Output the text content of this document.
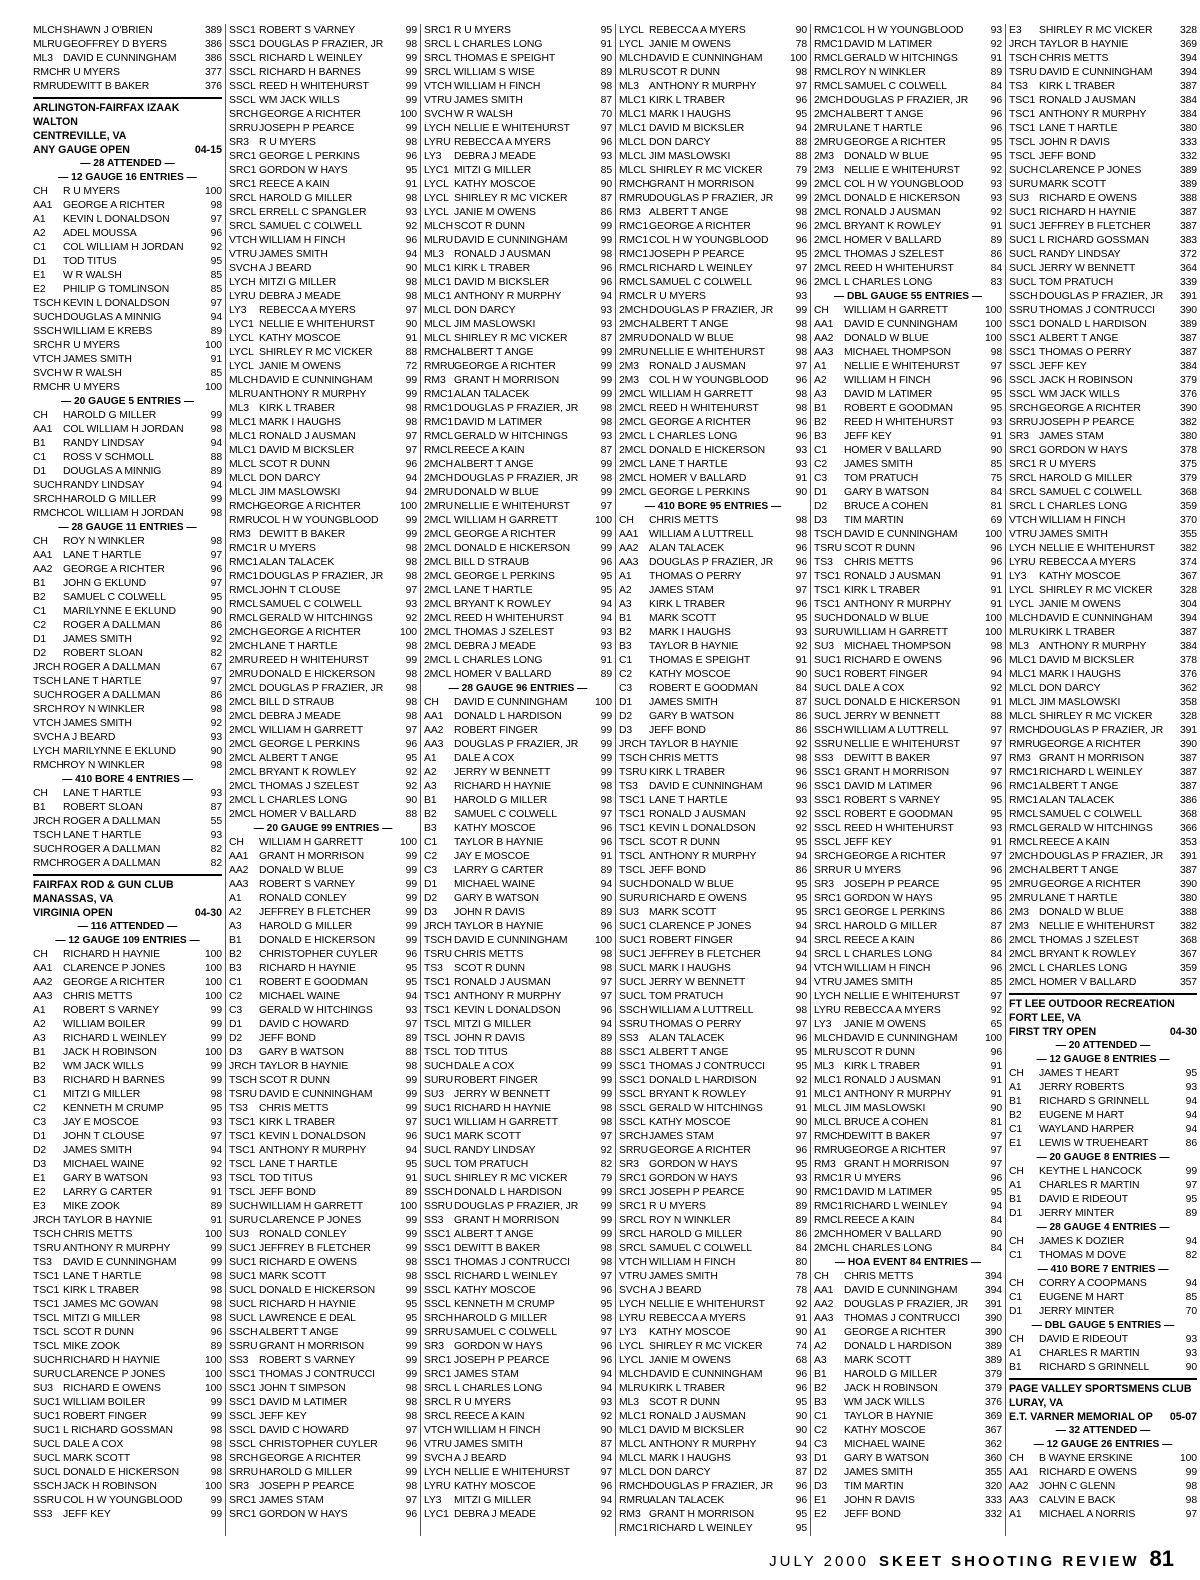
MLCH SHAWN J O'BRIEN	389
MLRU GEOFFREY D BYERS	386
ML3 DAVID E CUNNINGHAM	386
RMCH R U MYERS	377
RMRU DEWITT B BAKER	376
ARLINGTON-FAIRFAX IZAAK
WALTON
CENTREVILLE, VA
ANY GAUGE OPEN	04-15
— 28 ATTENDED —
— 12 GAUGE 16 ENTRIES —
CH	R U MYERS	100
AA1	GEORGE A RICHTER	98
A1	KEVIN L DONALDSON	97
A2	ADEL MOUSSA	96
C1	COL WILLIAM H JORDAN	92
D1	TOD TITUS	95
E1	W R WALSH	85
E2	PHILIP G TOMLINSON	85
TSCH KEVIN L DONALDSON	97
SUCH DOUGLAS A MINNIG	94
SSCH WILLIAM E KREBS	89
SRCH R U MYERS	100
VTCH JAMES SMITH	91
SVCH W R WALSH	85
RMCH R U MYERS	100
— 20 GAUGE 5 ENTRIES —
CH	HAROLD G MILLER	99
AA1	COL WILLIAM H JORDAN	98
B1	RANDY LINDSAY	94
C1	ROSS V SCHMOLL	88
D1	DOUGLAS A MINNIG	89
SUCH RANDY LINDSAY	94
SRCH HAROLD G MILLER	99
RMCH COL WILLIAM H JORDAN	98
— 28 GAUGE 11 ENTRIES —
CH	ROY N WINKLER	98
AA1	LANE T HARTLE	97
AA2	GEORGE A RICHTER	96
B1	JOHN G EKLUND	97
B2	SAMUEL C COLWELL	95
C1	MARILYNNE E EKLUND	90
C2	ROGER A DALLMAN	86
D1	JAMES SMITH	92
D2	ROBERT SLOAN	82
JRCH ROGER A DALLMAN	67
TSCH LANE T HARTLE	97
SUCH ROGER A DALLMAN	86
SRCH ROY N WINKLER	98
VTCH JAMES SMITH	92
SVCH A J BEARD	93
LYCH MARILYNNE E EKLUND	90
RMCH ROY N WINKLER	98
— 410 BORE 4 ENTRIES —
CH	LANE T HARTLE	93
B1	ROBERT SLOAN	87
JRCH ROGER A DALLMAN	55
TSCH LANE T HARTLE	93
SUCH ROGER A DALLMAN	82
RMCH ROGER A DALLMAN	82
FAIRFAX ROD & GUN CLUB
MANASSAS, VA
VIRGINIA OPEN	04-30
— 116 ATTENDED —
— 12 GAUGE 109 ENTRIES —
CH	RICHARD H HAYNIE	100
AA1	CLARENCE P JONES	100
AA2	GEORGE A RICHTER	100
AA3	CHRIS METTS	100
A1	ROBERT S VARNEY	99
A2	WILLIAM BOILER	99
A3	RICHARD L WEINLEY	99
B1	JACK H ROBINSON	100
B2	WM JACK WILLS	99
B3	RICHARD H BARNES	99
C1	MITZI G MILLER	98
C2	KENNETH M CRUMP	95
C3	JAY E MOSCOE	93
D1	JOHN T CLOUSE	97
D2	JAMES SMITH	94
D3	MICHAEL WAINE	92
E1	GARY B WATSON	93
E2	LARRY G CARTER	91
E3	MIKE ZOOK	89
JRCH TAYLOR B HAYNIE	91
TSCH CHRIS METTS	100
TSRU ANTHONY R MURPHY	99
TS3	DAVID E CUNNINGHAM	99
TSC1 LANE T HARTLE	98
TSC1 KIRK L TRABER	98
TSC1 JAMES MC GOWAN	98
TSCL MITZI G MILLER	98
TSCL SCOT R DUNN	96
TSCL MIKE ZOOK	89
SUCH RICHARD H HAYNIE	100
SURU CLARENCE P JONES	100
SU3 RICHARD E OWENS	100
SUC1 WILLIAM BOILER	99
SUC1 ROBERT FINGER	99
SUC1 L RICHARD GOSSMAN	98
SUCL DALE A COX	98
SUCL MARK SCOTT	98
SUCL DONALD E HICKERSON	98
SSCH JACK H ROBINSON	100
SSRU COL H W YOUNGBLOOD	99
SS3	JEFF KEY	99
SSC1 ROBERT S VARNEY	99
SSC1 DOUGLAS P FRAZIER, JR	98
SSCL RICHARD L WEINLEY	99
SSCL RICHARD H BARNES	99
SSCL REED H WHITEHURST	99
SSCL WM JACK WILLS	99
SRCH GEORGE A RICHTER	100
SRRU JOSEPH P PEARCE	99
SR3 R U MYERS	98
SRC1 GEORGE L PERKINS	96
SRC1 GORDON W HAYS	95
SRC1 REECE A KAIN	91
SRCL HAROLD G MILLER	98
SRCL ERRELL C SPANGLER	93
SRCL SAMUEL C COLWELL	92
VTCH WILLIAM H FINCH	96
VTRU JAMES SMITH	94
SVCH A J BEARD	90
LYCH MITZI G MILLER	98
LYRU DEBRA J MEADE	98
LY3	REBECCA A MYERS	97
LYC1 NELLIE E WHITEHURST	90
LYCL KATHY MOSCOE	91
LYCL SHIRLEY R MC VICKER	88
LYCL JANIE M OWENS	72
MLCH DAVID E CUNNINGHAM	99
MLRU ANTHONY R MURPHY	99
ML3 KIRK L TRABER	98
MLC1 MARK I HAUGHS	98
MLC1 RONALD J AUSMAN	97
MLC1 DAVID M BICKSLER	97
MLCL SCOT R DUNN	96
MLCL DON DARCY	94
MLCL JIM MASLOWSKI	94
RMCH GEORGE A RICHTER	100
RMRU COL H W YOUNGBLOOD	99
RM3 DEWITT B BAKER	99
RMC1 R U MYERS	98
RMC1 ALAN TALACEK	98
RMC1 DOUGLAS P FRAZIER, JR	98
RMCL JOHN T CLOUSE	97
RMCL SAMUEL C COLWELL	93
RMCL GERALD W HITCHINGS	92
2MCH GEORGE A RICHTER	100
2MCH LANE T HARTLE	98
2MRU REED H WHITEHURST	99
2MRU DONALD E HICKERSON	98
2MCL DOUGLAS P FRAZIER, JR	98
2MCL BILL D STRAUB	98
2MCL DEBRA J MEADE	98
2MCL WILLIAM H GARRETT	97
2MCL GEORGE L PERKINS	96
2MCL ALBERT T ANGE	95
2MCL BRYANT K ROWLEY	92
2MCL THOMAS J SZELEST	92
2MCL L CHARLES LONG	90
2MCL HOMER V BALLARD	88
— 20 GAUGE 99 ENTRIES —
CH	WILLIAM H GARRETT	100
AA1	GRANT H MORRISON	99
AA2	DONALD W BLUE	99
AA3	ROBERT S VARNEY	99
A1	RONALD CONLEY	99
A2	JEFFREY B FLETCHER	99
A3	HAROLD G MILLER	99
B1	DONALD E HICKERSON	99
B2	CHRISTOPHER CUYLER	96
B3	RICHARD H HAYNIE	95
C1	ROBERT E GOODMAN	95
C2	MICHAEL WAINE	94
C3	GERALD W HITCHINGS	93
D1	DAVID C HOWARD	97
D2	JEFF BOND	89
D3	GARY B WATSON	88
JRCH TAYLOR B HAYNIE	98
TSCH SCOT R DUNN	99
TSRU DAVID E CUNNINGHAM	99
TS3	CHRIS METTS	99
TSC1 KIRK L TRABER	97
TSC1 KEVIN L DONALDSON	96
TSC1 ANTHONY R MURPHY	94
TSCL LANE T HARTLE	95
TSCL TOD TITUS	91
TSCL JEFF BOND	89
SUCH WILLIAM H GARRETT	100
SURU CLARENCE P JONES	99
SU3 RONALD CONLEY	99
SUC1 JEFFREY B FLETCHER	99
SUC1 RICHARD E OWENS	98
SUC1 MARK SCOTT	98
SUCL DONALD E HICKERSON	99
SUCL RICHARD H HAYNIE	95
SUCL LAWRENCE E DEAL	95
SSCH ALBERT T ANGE	99
SSRU GRANT H MORRISON	99
SS3	ROBERT S VARNEY	99
SSC1 THOMAS J CONTRUCCI	99
SSC1 JOHN T SIMPSON	98
SSC1 DAVID M LATIMER	98
SSCL JEFF KEY	98
SSCL DAVID C HOWARD	97
SSCL CHRISTOPHER CUYLER	96
SRCH GEORGE A RICHTER	99
SRRU HAROLD G MILLER	99
SR3 JOSEPH P PEARCE	98
SRC1 JAMES STAM	97
SRC1 GORDON W HAYS	96
SRC1 R U MYERS	95
SRCL L CHARLES LONG	91
SRCL THOMAS E SPEIGHT	90
SRCL WILLIAM S WISE	89
VTCH WILLIAM H FINCH	98
VTRU JAMES SMITH	87
SVCH W R WALSH	70
LYCH NELLIE E WHITEHURST	97
LYRU REBECCA A MYERS	96
LY3	DEBRA J MEADE	93
LYC1 MITZI G MILLER	85
LYCL KATHY MOSCOE	90
LYCL SHIRLEY R MC VICKER	87
LYCL JANIE M OWENS	86
MLCH SCOT R DUNN	99
MLRU DAVID E CUNNINGHAM	99
ML3 RONALD J AUSMAN	98
MLC1 KIRK L TRABER	96
MLC1 DAVID M BICKSLER	96
MLC1 ANTHONY R MURPHY	94
MLCL DON DARCY	93
MLCL JIM MASLOWSKI	93
MLCL SHIRLEY R MC VICKER	87
RMCH ALBERT T ANGE	99
RMRU GEORGE A RICHTER	99
RM3 GRANT H MORRISON	99
RMC1 ALAN TALACEK	99
RMC1 DOUGLAS P FRAZIER, JR	98
RMC1 DAVID M LATIMER	98
RMCL GERALD W HITCHINGS	93
RMCL REECE A KAIN	87
2MCH ALBERT T ANGE	99
2MCH DOUGLAS P FRAZIER, JR	98
2MRU DONALD W BLUE	99
2MRU NELLIE E WHITEHURST	97
2MCL WILLIAM H GARRETT	100
2MCL GEORGE A RICHTER	99
2MCL DONALD E HICKERSON	99
2MCL BILL D STRAUB	96
2MCL GEORGE L PERKINS	95
2MCL LANE T HARTLE	95
2MCL BRYANT K ROWLEY	94
2MCL REED H WHITEHURST	94
2MCL THOMAS J SZELEST	93
2MCL DEBRA J MEADE	93
2MCL L CHARLES LONG	91
2MCL HOMER V BALLARD	89
— 28 GAUGE 96 ENTRIES —
CH	DAVID E CUNNINGHAM	100
AA1	DONALD L HARDISON	99
AA2	ROBERT FINGER	99
AA3	DOUGLAS P FRAZIER, JR	99
A1	DALE A COX	99
A2	JERRY W BENNETT	99
A3	RICHARD H HAYNIE	98
B1	HAROLD G MILLER	98
B2	SAMUEL C COLWELL	97
B3	KATHY MOSCOE	96
C1	TAYLOR B HAYNIE	96
C2	JAY E MOSCOE	91
C3	LARRY G CARTER	89
D1	MICHAEL WAINE	94
D2	GARY B WATSON	90
D3	JOHN R DAVIS	89
JRCH TAYLOR B HAYNIE	96
TSCH DAVID E CUNNINGHAM	100
TSRU CHRIS METTS	98
TS3	SCOT R DUNN	98
TSC1 RONALD J AUSMAN	97
TSC1 ANTHONY R MURPHY	97
TSC1 KEVIN L DONALDSON	96
TSCL MITZI G MILLER	94
TSCL JOHN R DAVIS	89
TSCL TOD TITUS	88
SUCH DALE A COX	99
SURU ROBERT FINGER	99
SU3 JERRY W BENNETT	99
SUC1 RICHARD H HAYNIE	98
SUC1 WILLIAM H GARRETT	98
SUC1 MARK SCOTT	97
SUCL RANDY LINDSAY	92
SUCL TOM PRATUCH	82
SUCL SHIRLEY R MC VICKER	79
SSCH DONALD L HARDISON	99
SSRU DOUGLAS P FRAZIER, JR	99
SS3	GRANT H MORRISON	99
SSC1 ALBERT T ANGE	99
SSC1 DEWITT B BAKER	98
SSC1 THOMAS J CONTRUCCI	98
SSCL RICHARD L WEINLEY	97
SSCL KATHY MOSCOE	96
SSCL KENNETH M CRUMP	95
SRCH HAROLD G MILLER	98
SRRU SAMUEL C COLWELL	97
SR3 GORDON W HAYS	96
SRC1 JOSEPH P PEARCE	96
SRC1 JAMES STAM	94
SRCL L CHARLES LONG	94
SRCL R U MYERS	93
SRCL REECE A KAIN	92
VTCH WILLIAM H FINCH	90
VTRU JAMES SMITH	87
SVCH A J BEARD	94
LYCH NELLIE E WHITEHURST	97
LYRU KATHY MOSCOE	96
LY3	MITZI G MILLER	94
LYC1 DEBRA J MEADE	92
LYCL REBECCA A MYERS	90
LYCL JANIE M OWENS	78
MLCH DAVID E CUNNINGHAM	100
MLRU SCOT R DUNN	98
ML3 ANTHONY R MURPHY	97
MLC1 KIRK L TRABER	96
MLC1 MARK I HAUGHS	95
MLC1 DAVID M BICKSLER	94
MLCL DON DARCY	88
MLCL JIM MASLOWSKI	88
MLCL SHIRLEY R MC VICKER	79
RMCH GRANT H MORRISON	99
RMRU DOUGLAS P FRAZIER, JR	99
RM3 ALBERT T ANGE	98
RMC1 GEORGE A RICHTER	96
RMC1 COL H W YOUNGBLOOD	96
RMC1 JOSEPH P PEARCE	95
RMCL RICHARD L WEINLEY	97
RMCL SAMUEL C COLWELL	96
RMCL R U MYERS	93
2MCH DOUGLAS P FRAZIER, JR	99
2MCH ALBERT T ANGE	98
2MRU DONALD W BLUE	98
2MRU NELLIE E WHITEHURST	98
2M3 RONALD J AUSMAN	97
2M3 COL H W YOUNGBLOOD	96
2MCL WILLIAM H GARRETT	98
2MCL REED H WHITEHURST	98
2MCL GEORGE A RICHTER	96
2MCL L CHARLES LONG	96
2MCL DONALD E HICKERSON	93
2MCL LANE T HARTLE	93
2MCL HOMER V BALLARD	91
2MCL GEORGE L PERKINS	90
— 410 BORE 95 ENTRIES —
CH	CHRIS METTS	98
AA1	WILLIAM A LUTTRELL	98
AA2	ALAN TALACEK	96
AA3	DOUGLAS P FRAZIER, JR	96
A1	THOMAS O PERRY	97
A2	JAMES STAM	97
A3	KIRK L TRABER	96
B1	MARK SCOTT	95
B2	MARK I HAUGHS	93
B3	TAYLOR B HAYNIE	92
C1	THOMAS E SPEIGHT	91
C2	KATHY MOSCOE	90
C3	ROBERT E GOODMAN	84
D1	JAMES SMITH	87
D2	GARY B WATSON	86
D3	JEFF BOND	86
JRCH TAYLOR B HAYNIE	92
TSCH CHRIS METTS	98
TSRU KIRK L TRABER	96
TS3	DAVID E CUNNINGHAM	96
TSC1 LANE T HARTLE	93
TSC1 RONALD J AUSMAN	92
TSC1 KEVIN L DONALDSON	92
TSCL SCOT R DUNN	95
TSCL ANTHONY R MURPHY	94
TSCL JEFF BOND	86
SUCH DONALD W BLUE	95
SURU RICHARD E OWENS	95
SU3 MARK SCOTT	95
SUC1 CLARENCE P JONES	94
SUC1 ROBERT FINGER	94
SUC1 JEFFREY B FLETCHER	94
SUCL MARK I HAUGHS	94
SUCL JERRY W BENNETT	94
SUCL TOM PRATUCH	90
SSCH WILLIAM A LUTTRELL	98
SSRU THOMAS O PERRY	97
SS3	ALAN TALACEK	96
SSC1 ALBERT T ANGE	95
SSC1 THOMAS J CONTRUCCI	95
SSC1 DONALD L HARDISON	92
SSCL BRYANT K ROWLEY	91
SSCL GERALD W HITCHINGS	91
SSCL KATHY MOSCOE	90
SRCH JAMES STAM	97
SRRU GEORGE A RICHTER	96
SR3 GORDON W HAYS	95
SRC1 GORDON W HAYS	93
SRC1 JOSEPH P PEARCE	90
SRC1 R U MYERS	89
SRCL ROY N WINKLER	89
SRCL HAROLD G MILLER	86
SRCL SAMUEL C COLWELL	84
VTCH WILLIAM H FINCH	80
VTRU JAMES SMITH	78
SVCH A J BEARD	78
LYCH NELLIE E WHITEHURST	92
LYRU REBECCA A MYERS	91
LY3	KATHY MOSCOE	90
LYCL SHIRLEY R MC VICKER	74
LYCL JANIE M OWENS	68
MLCH DAVID E CUNNINGHAM	96
MLRU KIRK L TRABER	96
ML3 SCOT R DUNN	95
MLC1 RONALD J AUSMAN	90
MLC1 DAVID M BICKSLER	90
MLCL ANTHONY R MURPHY	94
MLCL MARK I HAUGHS	93
MLCL DON DARCY	87
RMCH DOUGLAS P FRAZIER, JR	96
RMRU ALAN TALACEK	96
RM3 GRANT H MORRISON	95
RMC1 RICHARD L WEINLEY	95
RMC1 COL H W YOUNGBLOOD	93
RMC1 DAVID M LATIMER	92
RMCL GERALD W HITCHINGS	91
RMCL ROY N WINKLER	89
RMCL SAMUEL C COLWELL	84
2MCH DOUGLAS P FRAZIER, JR	96
2MCH ALBERT T ANGE	96
2MRU LANE T HARTLE	96
2MRU GEORGE A RICHTER	95
2M3 DONALD W BLUE	95
2M3 NELLIE E WHITEHURST	92
2MCL COL H W YOUNGBLOOD	93
2MCL DONALD E HICKERSON	93
2MCL RONALD J AUSMAN	92
2MCL BRYANT K ROWLEY	91
2MCL HOMER V BALLARD	89
2MCL THOMAS J SZELEST	86
2MCL REED H WHITEHURST	84
2MCL L CHARLES LONG	83
— DBL GAUGE 55 ENTRIES —
CH	WILLIAM H GARRETT	100
AA1	DAVID E CUNNINGHAM	100
AA2	DONALD W BLUE	100
AA3	MICHAEL THOMPSON	98
A1	NELLIE E WHITEHURST	97
A2	WILLIAM H FINCH	96
A3	DAVID M LATIMER	95
B1	ROBERT E GOODMAN	95
B2	REED H WHITEHURST	93
B3	JEFF KEY	91
C1	HOMER V BALLARD	90
C2	JAMES SMITH	85
C3	TOM PRATUCH	75
D1	GARY B WATSON	84
D2	BRUCE A COHEN	81
D3	TIM MARTIN	69
TSCH DAVID E CUNNINGHAM	100
TSRU SCOT R DUNN	96
TS3	CHRIS METTS	96
TSC1 RONALD J AUSMAN	91
TSC1 KIRK L TRABER	91
TSC1 ANTHONY R MURPHY	91
SUCH DONALD W BLUE	100
SURU WILLIAM H GARRETT	100
SU3 MICHAEL THOMPSON	98
SUC1 RICHARD E OWENS	96
SUC1 ROBERT FINGER	94
SUCL DALE A COX	92
SUCL DONALD E HICKERSON	91
SUCL JERRY W BENNETT	88
SSCH WILLIAM A LUTTRELL	97
SSRU NELLIE E WHITEHURST	97
SS3	DEWITT B BAKER	97
SSC1 GRANT H MORRISON	97
SSC1 DAVID M LATIMER	96
SSC1 ROBERT S VARNEY	95
SSCL ROBERT E GOODMAN	95
SSCL REED H WHITEHURST	93
SSCL JEFF KEY	91
SRCH GEORGE A RICHTER	97
SRRU R U MYERS	96
SR3 JOSEPH P PEARCE	95
SRC1 GORDON W HAYS	95
SRC1 GEORGE L PERKINS	86
SRCL HAROLD G MILLER	87
SRCL REECE A KAIN	86
SRCL L CHARLES LONG	84
VTCH WILLIAM H FINCH	96
VTRU JAMES SMITH	85
LYCH NELLIE E WHITEHURST	97
LYRU REBECCA A MYERS	92
LY3	JANIE M OWENS	65
MLCH DAVID E CUNNINGHAM	100
MLRU SCOT R DUNN	96
ML3 KIRK L TRABER	91
MLC1 RONALD J AUSMAN	91
MLC1 ANTHONY R MURPHY	91
MLCL JIM MASLOWSKI	90
MLCL BRUCE A COHEN	81
RMCH DEWITT B BAKER	97
RMRU GEORGE A RICHTER	97
RM3 GRANT H MORRISON	97
RMC1 R U MYERS	96
RMC1 DAVID M LATIMER	95
RMC1 RICHARD L WEINLEY	94
RMCL REECE A KAIN	84
2MCH HOMER V BALLARD	90
2MCH L CHARLES LONG	84
— HOA EVENT 84 ENTRIES —
CH	CHRIS METTS	394
AA1	DAVID E CUNNINGHAM	394
AA2	DOUGLAS P FRAZIER, JR	391
AA3	THOMAS J CONTRUCCI	390
A1	GEORGE A RICHTER	390
A2	DONALD L HARDISON	389
A3	MARK SCOTT	389
B1	HAROLD G MILLER	379
B2	JACK H ROBINSON	379
B3	WM JACK WILLS	376
C1	TAYLOR B HAYNIE	369
C2	KATHY MOSCOE	367
C3	MICHAEL WAINE	362
D1	GARY B WATSON	360
D2	JAMES SMITH	355
D3	TIM MARTIN	320
E1	JOHN R DAVIS	333
E2	JEFF BOND	332
E3	SHIRLEY R MC VICKER	328
JRCH TAYLOR B HAYNIE	369
TSCH CHRIS METTS	394
TSRU DAVID E CUNNINGHAM	394
TS3	KIRK L TRABER	387
TSC1 RONALD J AUSMAN	384
TSC1 ANTHONY R MURPHY	384
TSC1 LANE T HARTLE	380
TSCL JOHN R DAVIS	333
TSCL JEFF BOND	332
SUCH CLARENCE P JONES	389
SURU MARK SCOTT	389
SU3 RICHARD E OWENS	388
SUC1 RICHARD H HAYNIE	387
SUC1 JEFFREY B FLETCHER	387
SUC1 L RICHARD GOSSMAN	383
SUCL RANDY LINDSAY	372
SUCL JERRY W BENNETT	364
SUCL TOM PRATUCH	339
SSCH DOUGLAS P FRAZIER, JR	391
SSRU THOMAS J CONTRUCCI	390
SSC1 DONALD L HARDISON	389
SSC1 ALBERT T ANGE	387
SSC1 THOMAS O PERRY	387
SSCL JEFF KEY	384
SSCL JACK H ROBINSON	379
SSCL WM JACK WILLS	376
SRCH GEORGE A RICHTER	390
SRRU JOSEPH P PEARCE	382
SR3 JAMES STAM	380
SRC1 GORDON W HAYS	378
SRC1 R U MYERS	375
SRCL HAROLD G MILLER	379
SRCL SAMUEL C COLWELL	368
SRCL L CHARLES LONG	359
VTCH WILLIAM H FINCH	370
VTRU JAMES SMITH	355
LYCH NELLIE E WHITEHURST	382
LYRU REBECCA A MYERS	374
LY3	KATHY MOSCOE	367
LYCL SHIRLEY R MC VICKER	328
LYCL JANIE M OWENS	304
MLCH DAVID E CUNNINGHAM	394
MLRU KIRK L TRABER	387
ML3 ANTHONY R MURPHY	384
MLC1 DAVID M BICKSLER	378
MLC1 MARK I HAUGHS	376
MLCL DON DARCY	362
MLCL JIM MASLOWSKI	358
MLCL SHIRLEY R MC VICKER	328
RMCH DOUGLAS P FRAZIER, JR	391
RMRU GEORGE A RICHTER	390
RM3 GRANT H MORRISON	387
RMC1 RICHARD L WEINLEY	387
RMC1 ALBERT T ANGE	387
RMC1 ALAN TALACEK	386
RMCL SAMUEL C COLWELL	368
RMCL GERALD W HITCHINGS	366
RMCL REECE A KAIN	353
2MCH DOUGLAS P FRAZIER, JR	391
2MCH ALBERT T ANGE	387
2MRU GEORGE A RICHTER	390
2MRU LANE T HARTLE	380
2M3 DONALD W BLUE	388
2M3 NELLIE E WHITEHURST	382
2MCL THOMAS J SZELEST	368
2MCL BRYANT K ROWLEY	367
2MCL L CHARLES LONG	359
2MCL HOMER V BALLARD	357
FT LEE OUTDOOR RECREATION
FORT LEE, VA
FIRST TRY OPEN	04-30
— 20 ATTENDED —
— 12 GAUGE 8 ENTRIES —
CH	JAMES T HEART	95
A1	JERRY ROBERTS	93
B1	RICHARD S GRINNELL	94
B2	EUGENE M HART	94
C1	WAYLAND HARPER	94
E1	LEWIS W TRUEHEART	86
— 20 GAUGE 8 ENTRIES —
CH	KEYTHE L HANCOCK	99
A1	CHARLES R MARTIN	97
B1	DAVID E RIDEOUT	95
D1	JERRY MINTER	89
— 28 GAUGE 4 ENTRIES —
CH	JAMES K DOZIER	94
C1	THOMAS M DOVE	82
— 410 BORE 7 ENTRIES —
CH	CORRY A COOPMANS	94
C1	EUGENE M HART	85
D1	JERRY MINTER	70
— DBL GAUGE 5 ENTRIES —
CH	DAVID E RIDEOUT	93
A1	CHARLES R MARTIN	93
B1	RICHARD S GRINNELL	90
PAGE VALLEY SPORTSMENS CLUB
LURAY, VA
E.T. VARNER MEMORIAL OP 05-07
— 32 ATTENDED —
— 12 GAUGE 26 ENTRIES —
CH	B WAYNE ERSKINE	100
AA1	RICHARD E OWENS	99
AA2	JOHN C GLENN	98
AA3	CALVIN E BACK	98
A1	MICHAEL A NORRIS	97
JULY 2000 SKEET SHOOTING REVIEW 81
